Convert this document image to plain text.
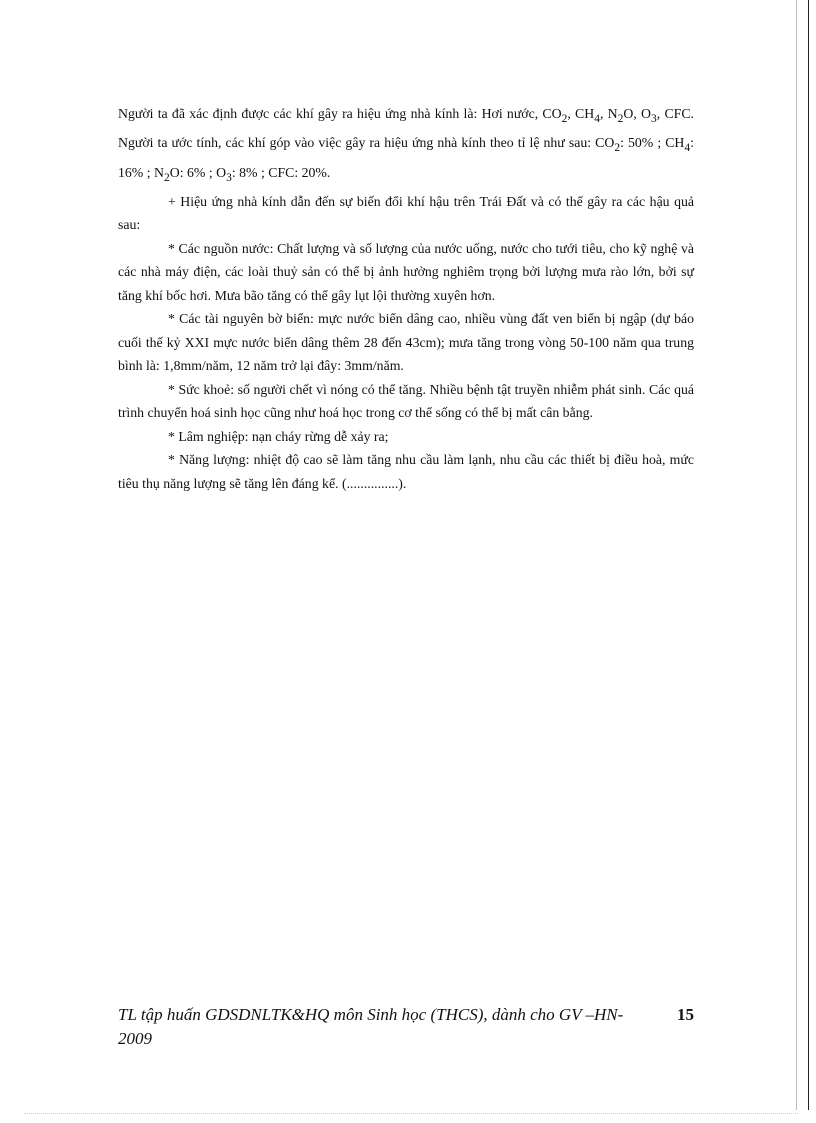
Người ta đã xác định được các khí gây ra hiệu ứng nhà kính là: Hơi nước, $CO_2$, $CH_4$, $N_2O$, $O_3$, CFC. Người ta ước tính, các khí góp vào việc gây ra hiệu ứng nhà kính theo tỉ lệ như sau: $CO_2$: 50% ; $CH_4$: 16% ; $N_2O$: 6% ; $O_3$: 8% ; CFC: 20%.

+ Hiệu ứng nhà kính dẫn đến sự biến đổi khí hậu trên Trái Đất và có thể gây ra các hậu quả sau:

* Các nguồn nước: Chất lượng và số lượng của nước uống, nước cho tưới tiêu, cho kỹ nghệ và các nhà máy điện, các loài thuỷ sản có thể bị ảnh hưởng nghiêm trọng bởi lượng mưa rào lớn, bởi sự tăng khí bốc hơi. Mưa bão tăng có thể gây lụt lội thường xuyên hơn.

* Các tài nguyên bờ biển: mực nước biển dâng cao, nhiều vùng đất ven biển bị ngập (dự báo cuối thế kỷ XXI mực nước biển dâng thêm 28 đến 43cm); mưa tăng trong vòng 50-100 năm qua trung bình là: 1,8mm/năm, 12 năm trở lại đây: 3mm/năm.

* Sức khoẻ: số người chết vì nóng có thể tăng. Nhiều bệnh tật truyền nhiễm phát sinh. Các quá trình chuyển hoá sinh học cũng như hoá học trong cơ thể sống có thể bị mất cân bằng.

* Lâm nghiệp: nạn cháy rừng dễ xảy ra;

* Năng lượng: nhiệt độ cao sẽ làm tăng nhu cầu làm lạnh, nhu cầu các thiết bị điều hoà, mức tiêu thụ năng lượng sẽ tăng lên đáng kể. (...............).

TL tập huấn GDSDNLTK&HQ môn Sinh học (THCS), dành cho GV –HN-2009
15
